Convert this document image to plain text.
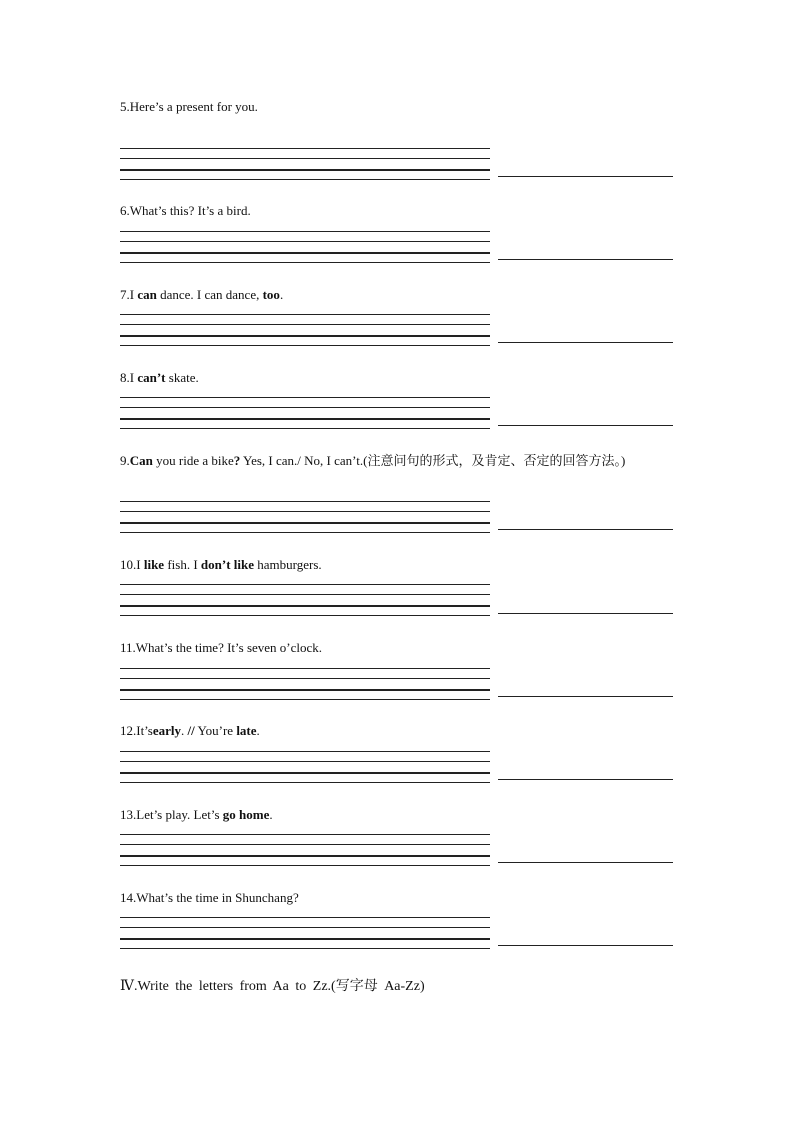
5.Here’s a present for you.
6.What’s this? It’s a bird.
7.I can dance. I can dance, too.
8.I can’t skate.
9.Can you ride a bike? Yes, I can./ No, I can’t.(注意问句的形式，及肯定、否定的回答方法。)
10.I like fish. I don’t like hamburgers.
11.What’s the time? It’s seven o’clock.
12.It’searly. // You’re late.
13.Let’s play. Let’s go home.
14.What’s the time in Shunchang?
Ⅳ.Write the letters from Aa to Zz.(写字母 Aa-Zz)
